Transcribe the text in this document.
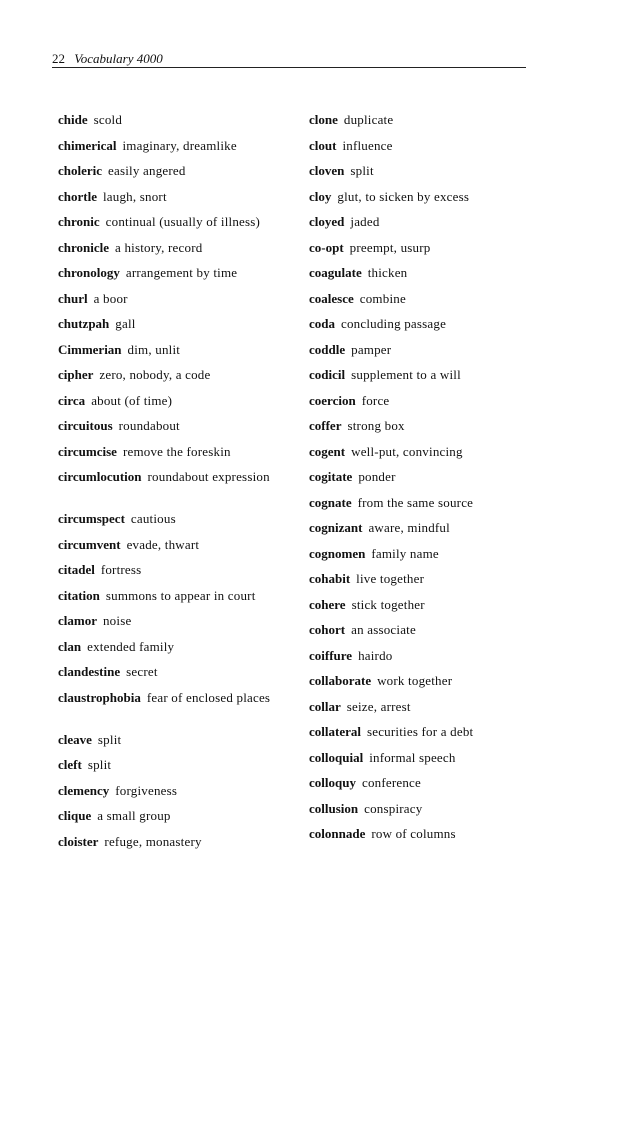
22 Vocabulary 4000
chide scold
chimerical imaginary, dreamlike
choleric easily angered
chortle laugh, snort
chronic continual (usually of illness)
chronicle a history, record
chronology arrangement by time
churl a boor
chutzpah gall
Cimmerian dim, unlit
cipher zero, nobody, a code
circa about (of time)
circuitous roundabout
circumcise remove the foreskin
circumlocution roundabout expression
circumspect cautious
circumvent evade, thwart
citadel fortress
citation summons to appear in court
clamor noise
clan extended family
clandestine secret
claustrophobia fear of enclosed places
cleave split
cleft split
clemency forgiveness
clique a small group
cloister refuge, monastery
clone duplicate
clout influence
cloven split
cloy glut, to sicken by excess
cloyed jaded
co-opt preempt, usurp
coagulate thicken
coalesce combine
coda concluding passage
coddle pamper
codicil supplement to a will
coercion force
coffer strong box
cogent well-put, convincing
cogitate ponder
cognate from the same source
cognizant aware, mindful
cognomen family name
cohabit live together
cohere stick together
cohort an associate
coiffure hairdo
collaborate work together
collar seize, arrest
collateral securities for a debt
colloquial informal speech
colloquy conference
collusion conspiracy
colonnade row of columns
